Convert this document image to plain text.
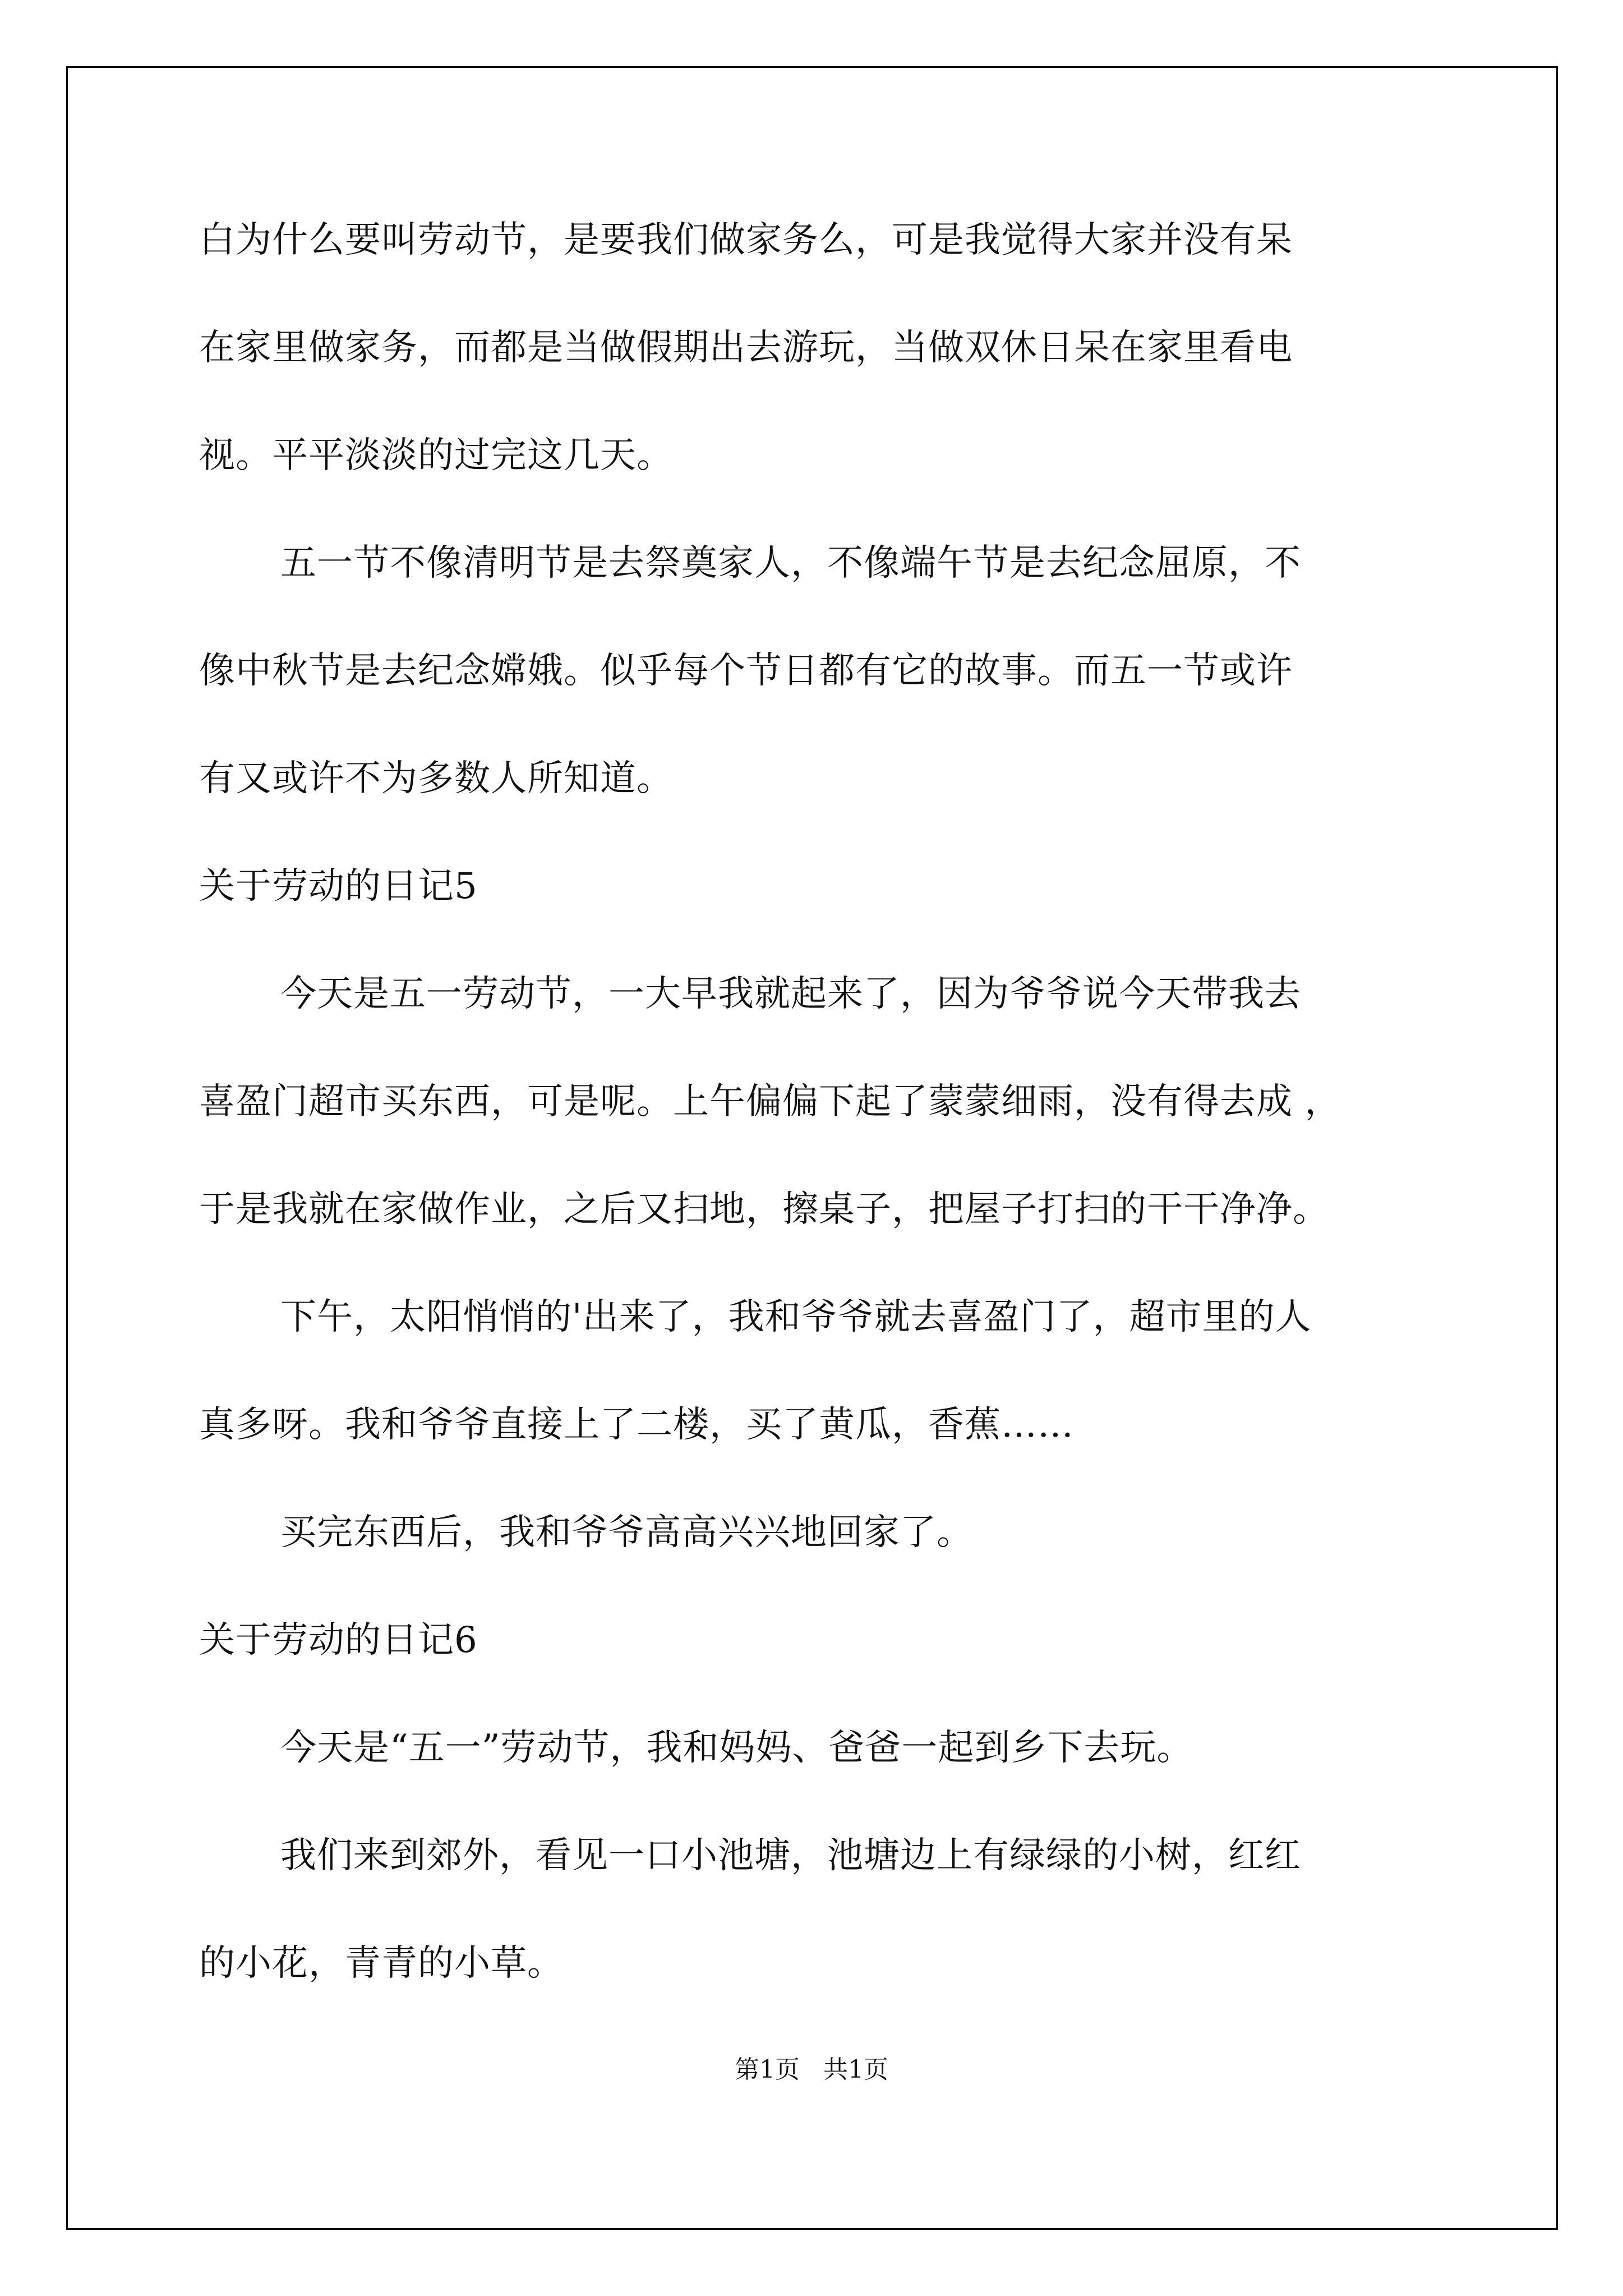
白为什么要叫劳动节，是要我们做家务么，可是我觉得大家并没有呆
在家里做家务，而都是当做假期出去游玩，当做双休日呆在家里看电
视。平平淡淡的过完这几天。
五一节不像清明节是去祭奠家人，不像端午节是去纪念屈原，不
像中秋节是去纪念嫦娥。似乎每个节日都有它的故事。而五一节或许
有又或许不为多数人所知道。
关于劳动的日记5
今天是五一劳动节，一大早我就起来了，因为爷爷说今天带我去
喜盈门超市买东西，可是呢。上午偏偏下起了蒙蒙细雨，没有得去成 ，
于是我就在家做作业，之后又扫地，擦桌子，把屋子打扫的干干净净。
下午，太阳悄悄的'出来了，我和爷爷就去喜盈门了，超市里的人
真多呀。我和爷爷直接上了二楼，买了黄瓜，香蕉……
买完东西后，我和爷爷高高兴兴地回家了。
关于劳动的日记6
今天是“五一”劳动节，我和妈妈、爸爸一起到乡下去玩。
我们来到郊外，看见一口小池塘，池塘边上有绿绿的小树，红红
的小花，青青的小草。
第1页 共1页
